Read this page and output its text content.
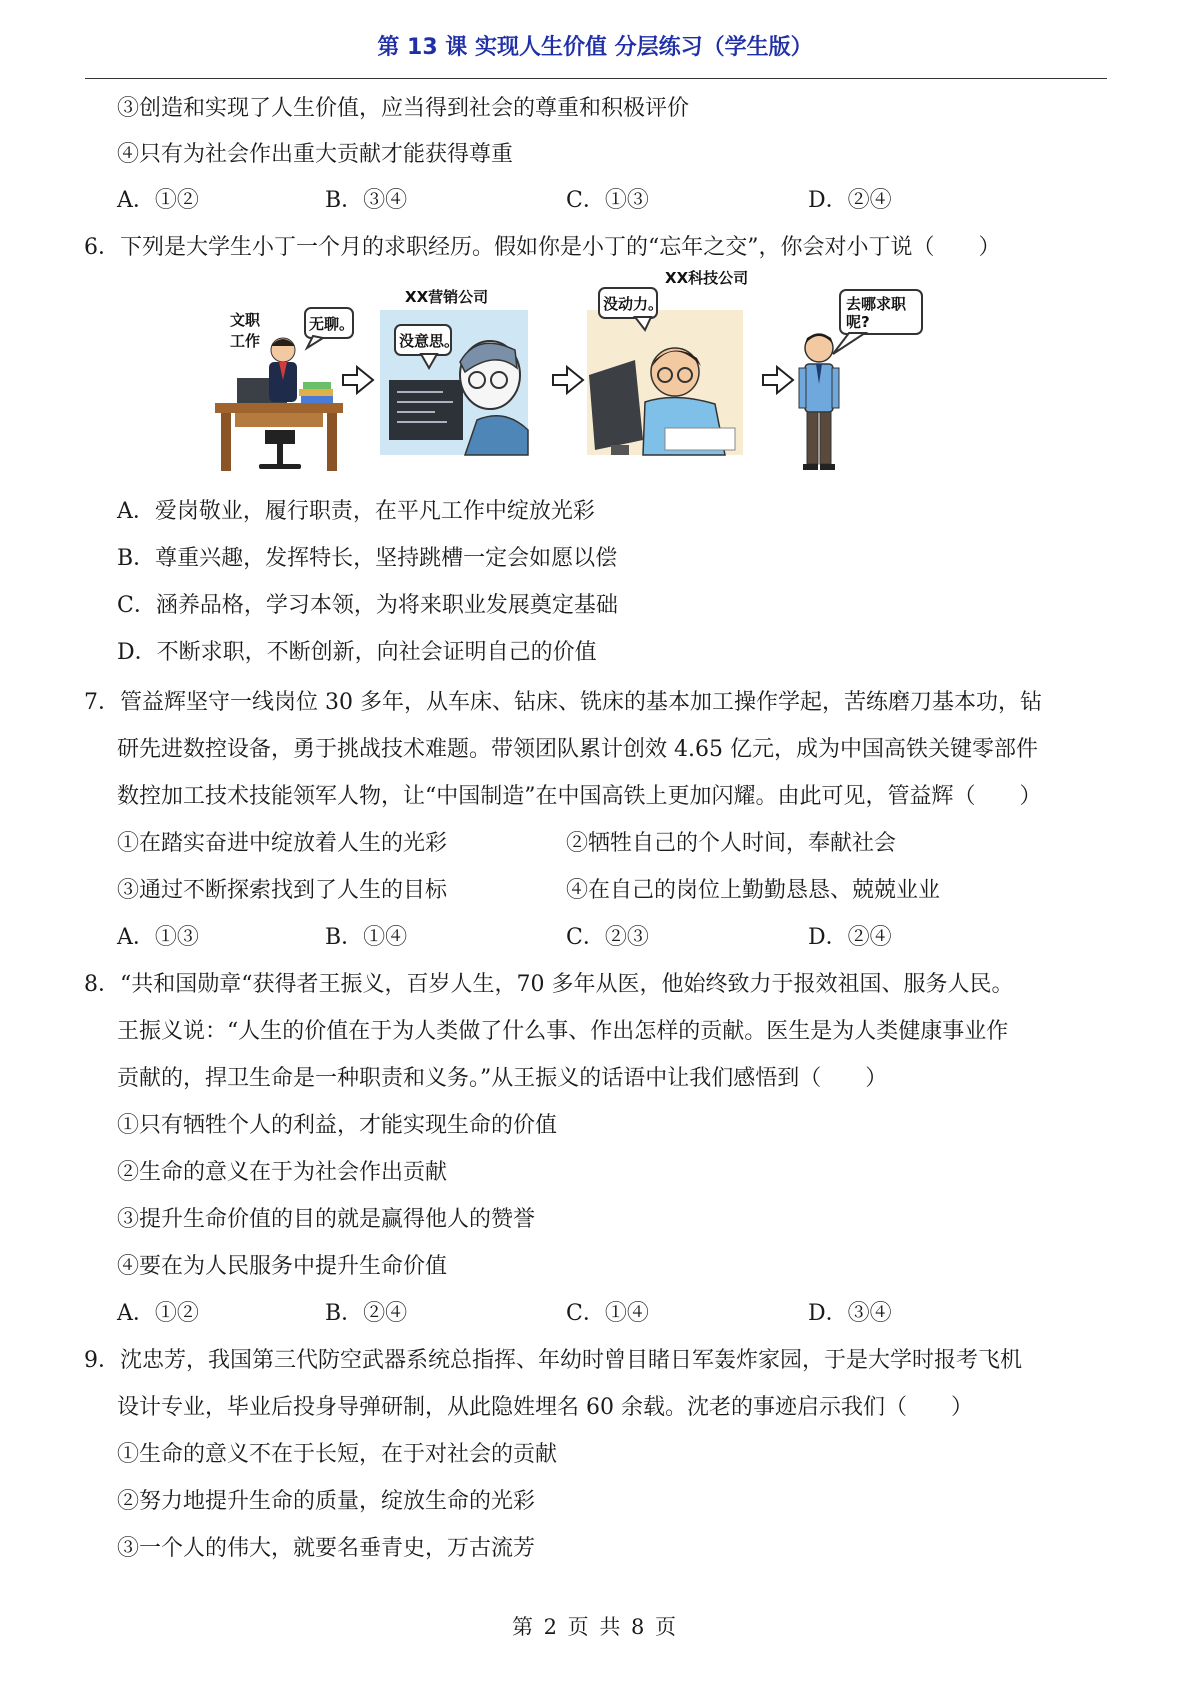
第 13 课 实现人生价值 分层练习（学生版）
③创造和实现了人生价值，应当得到社会的尊重和积极评价
④只有为社会作出重大贡献才能获得尊重
A．①②	B．③④	C．①③	D．②④
6．下列是大学生小丁一个月的求职经历。假如你是小丁的“忘年之交”，你会对小丁说（　　）
文职
工作
无聊。
XX营销公司
没意思。
XX科技公司
没动力。	去哪求职
呢?
A．爱岗敬业，履行职责，在平凡工作中绽放光彩
B．尊重兴趣，发挥特长，坚持跳槽一定会如愿以偿
C．涵养品格，学习本领，为将来职业发展奠定基础
D．不断求职，不断创新，向社会证明自己的价值
7．管益辉坚守一线岗位 30 多年，从车床、钻床、铣床的基本加工操作学起，苦练磨刀基本功，钻
研先进数控设备，勇于挑战技术难题。带领团队累计创效 4.65 亿元，成为中国高铁关键零部件
数控加工技术技能领军人物，让“中国制造”在中国高铁上更加闪耀。由此可见，管益辉（　　）
①在踏实奋进中绽放着人生的光彩	②牺牲自己的个人时间，奉献社会
③通过不断探索找到了人生的目标	④在自己的岗位上勤勤恳恳、兢兢业业
A．①③	B．①④	C．②③	D．②④
8．“共和国勋章“获得者王振义，百岁人生，70 多年从医，他始终致力于报效祖国、服务人民。
王振义说：“人生的价值在于为人类做了什么事、作出怎样的贡献。医生是为人类健康事业作
贡献的，捍卫生命是一种职责和义务。”从王振义的话语中让我们感悟到（　　）
①只有牺牲个人的利益，才能实现生命的价值
②生命的意义在于为社会作出贡献
③提升生命价值的目的就是赢得他人的赞誉
④要在为人民服务中提升生命价值
A．①②	B．②④	C．①④	D．③④
9．沈忠芳，我国第三代防空武器系统总指挥、年幼时曾目睹日军轰炸家园，于是大学时报考飞机
设计专业，毕业后投身导弹研制，从此隐姓埋名 60 余载。沈老的事迹启示我们（　　）
①生命的意义不在于长短，在于对社会的贡献
②努力地提升生命的质量，绽放生命的光彩
③一个人的伟大，就要名垂青史，万古流芳
第 2 页 共 8 页
